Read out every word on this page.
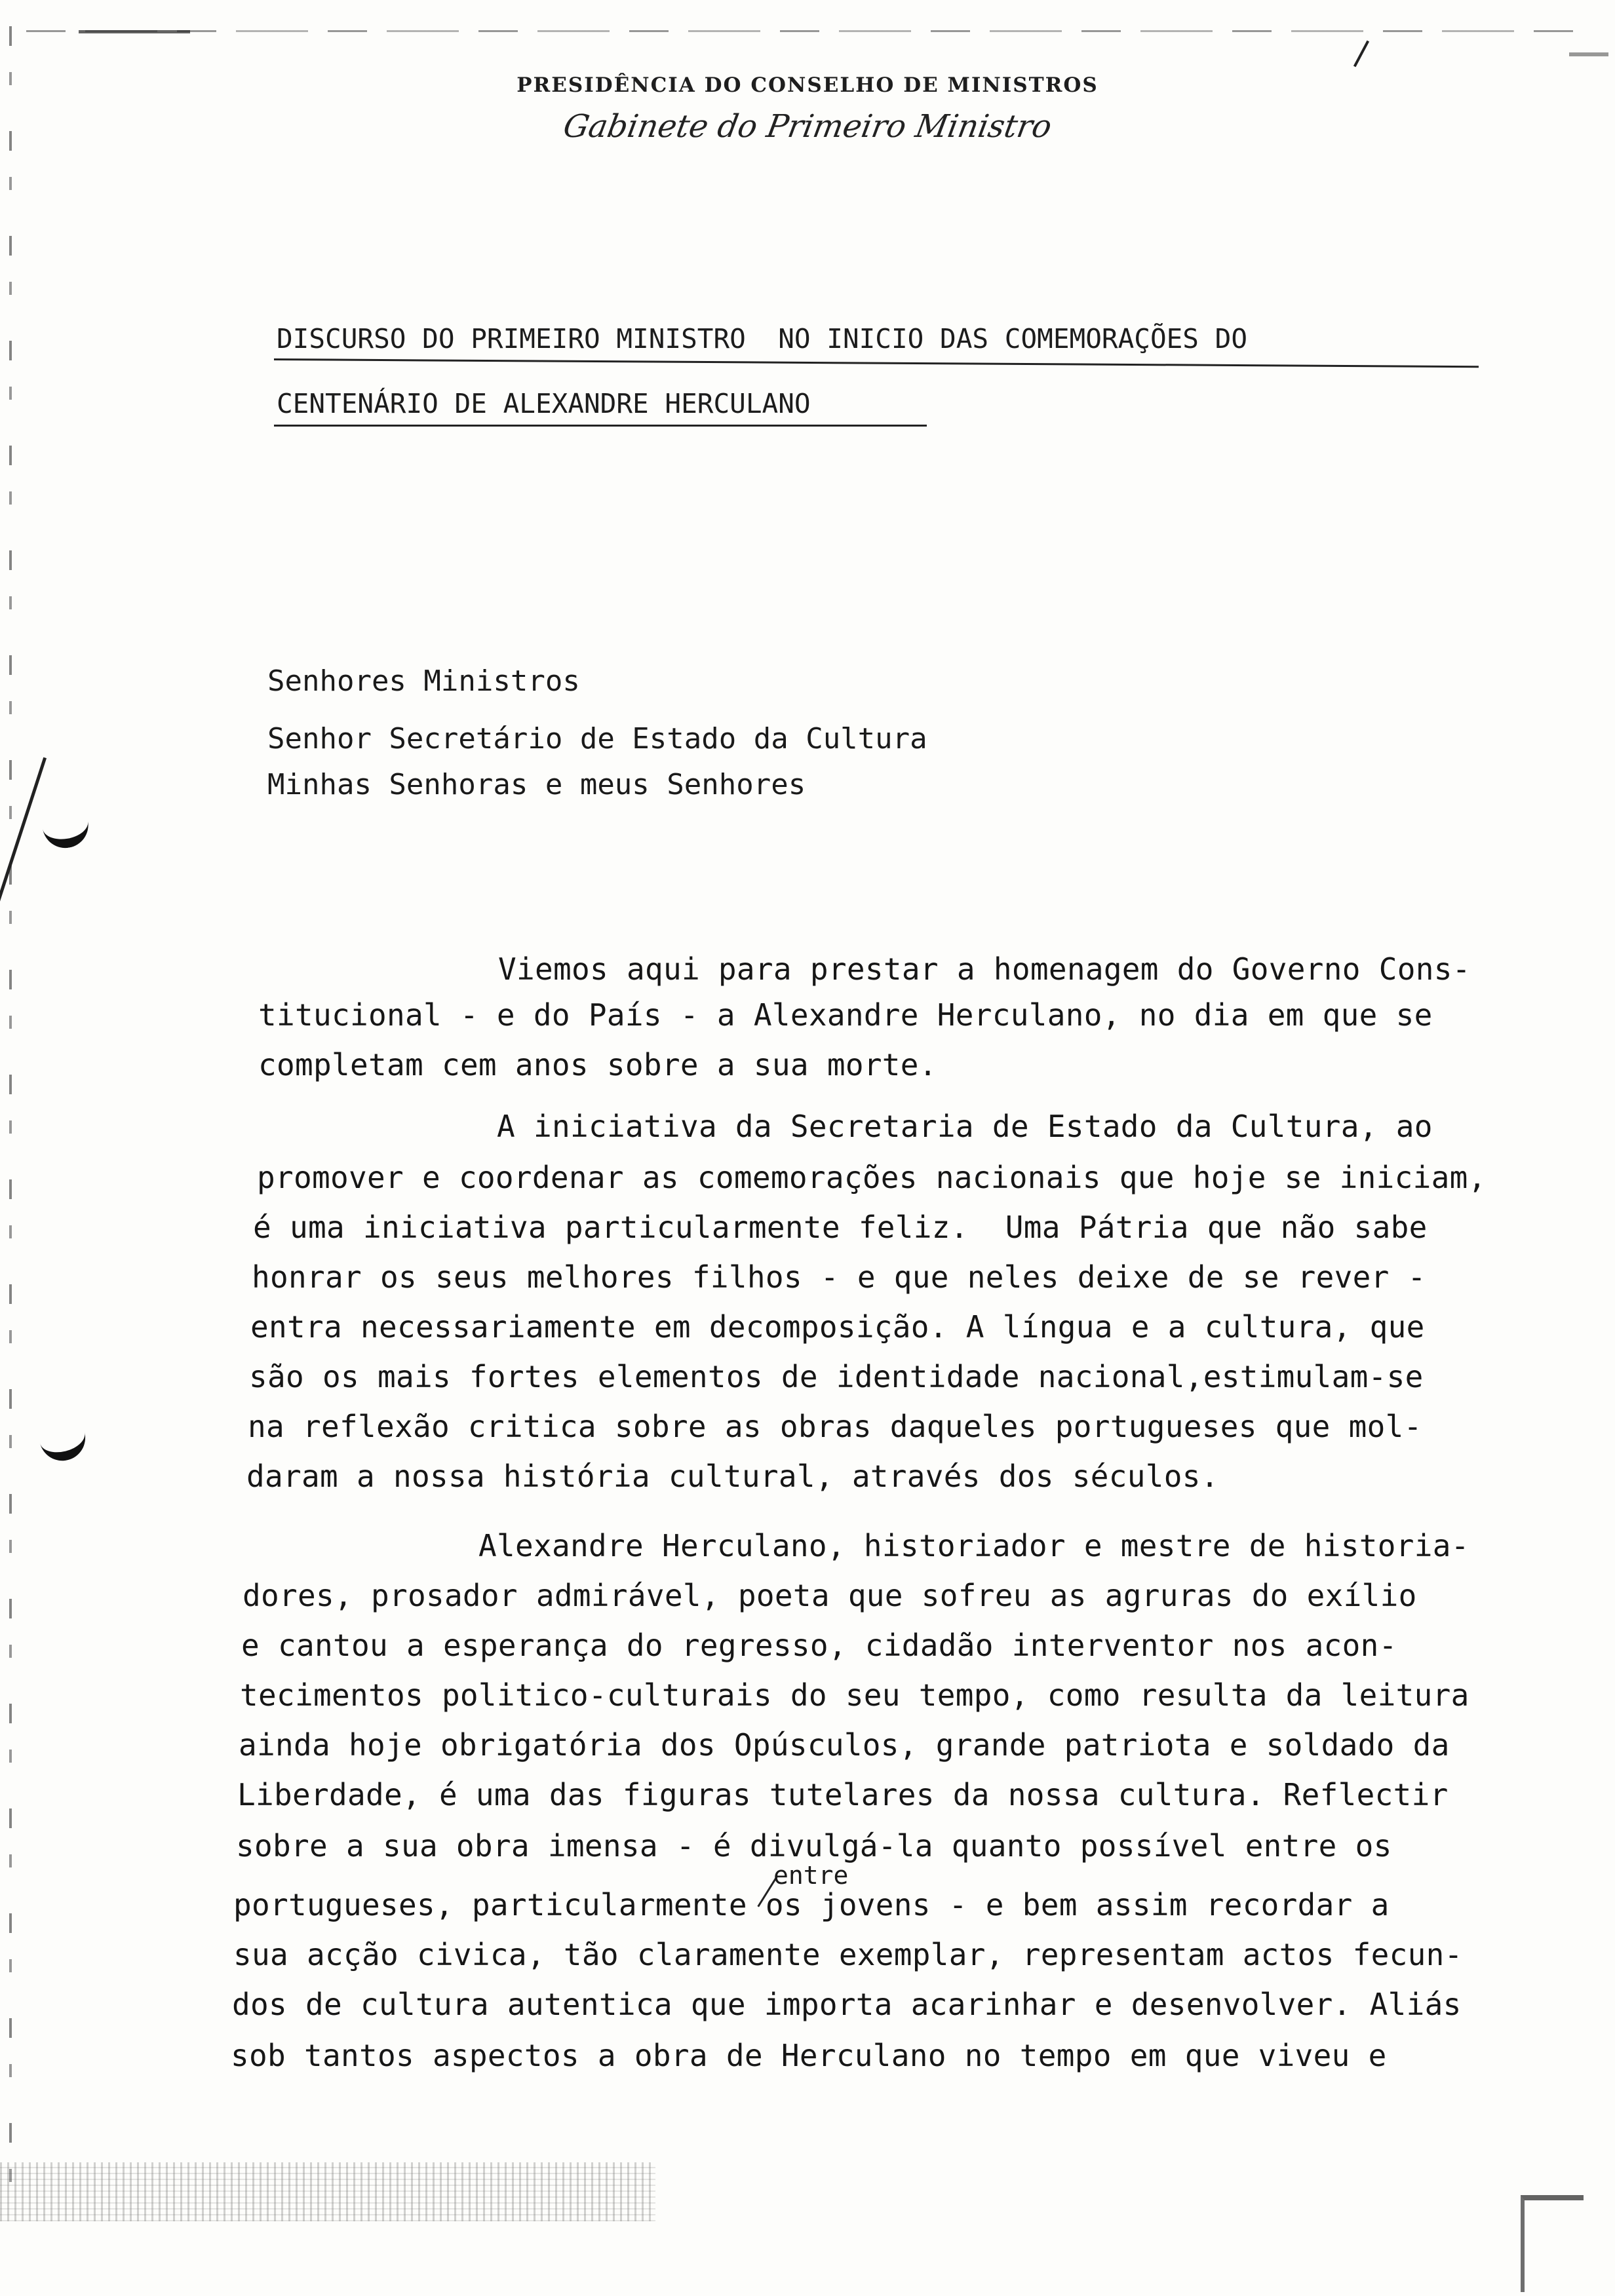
PRESIDÊNCIA DO CONSELHO DE MINISTROS
Gabinete do Primeiro Ministro
DISCURSO DO PRIMEIRO MINISTRO  NO INICIO DAS COMEMORAÇÕES DO
CENTENÁRIO DE ALEXANDRE HERCULANO
Senhores Ministros
Senhor Secretário de Estado da Cultura
Minhas Senhoras e meus Senhores
Viemos aqui para prestar a homenagem do Governo Cons-
titucional - e do País - a Alexandre Herculano, no dia em que se
completam cem anos sobre a sua morte.
A iniciativa da Secretaria de Estado da Cultura, ao
promover e coordenar as comemorações nacionais que hoje se iniciam,
é uma iniciativa particularmente feliz.  Uma Pátria que não sabe
honrar os seus melhores filhos - e que neles deixe de se rever -
entra necessariamente em decomposição. A língua e a cultura, que
são os mais fortes elementos de identidade nacional,estimulam-se
na reflexão critica sobre as obras daqueles portugueses que mol-
daram a nossa história cultural, através dos séculos.
Alexandre Herculano, historiador e mestre de historia-
dores, prosador admirável, poeta que sofreu as agruras do exílio
e cantou a esperança do regresso, cidadão interventor nos acon-
tecimentos politico-culturais do seu tempo, como resulta da leitura
ainda hoje obrigatória dos Opúsculos, grande patriota e soldado da
Liberdade, é uma das figuras tutelares da nossa cultura. Reflectir
sobre a sua obra imensa - é divulgá-la quanto possível entre os
entre
portugueses, particularmente os jovens - e bem assim recordar a
sua acção civica, tão claramente exemplar, representam actos fecun-
dos de cultura autentica que importa acarinhar e desenvolver. Aliás
sob tantos aspectos a obra de Herculano no tempo em que viveu e
